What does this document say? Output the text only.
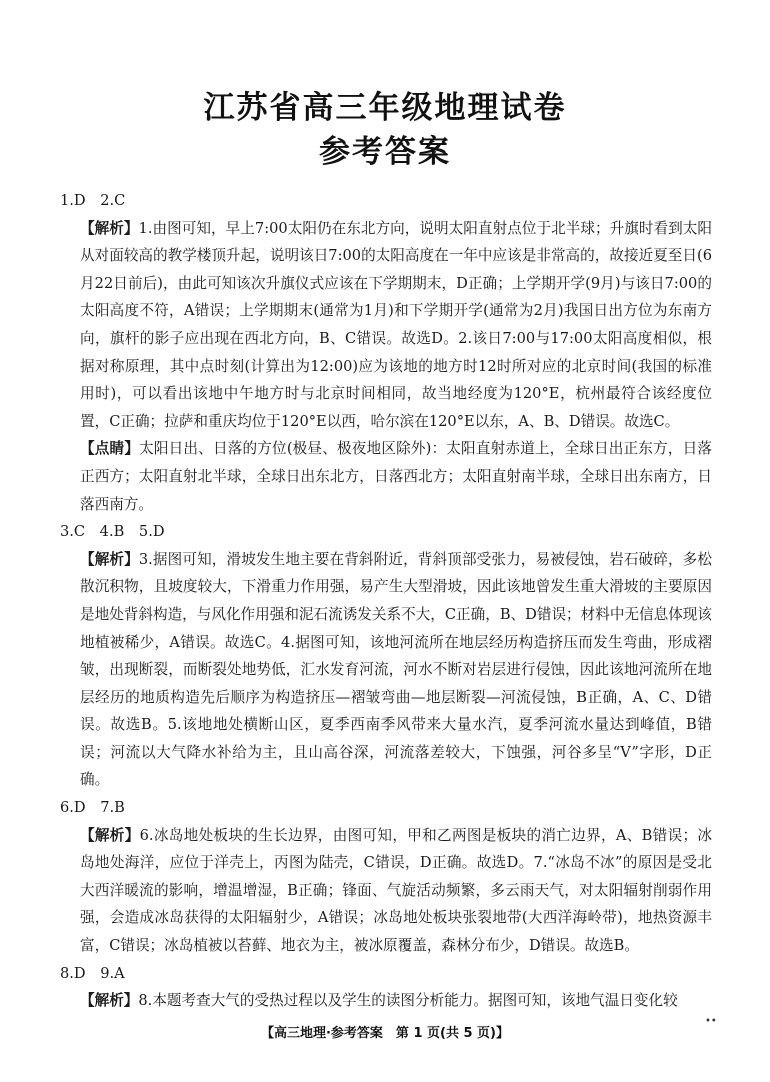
江苏省高三年级地理试卷
参考答案

1.D　2.C

【解析】1.由图可知，早上7:00太阳仍在东北方向，说明太阳直射点位于北半球；升旗时看到太阳从对面较高的教学楼顶升起，说明该日7:00的太阳高度在一年中应该是非常高的，故接近夏至日(6月22日前后)，由此可知该次升旗仪式应该在下学期期末，D正确；上学期开学(9月)与该日7:00的太阳高度不符，A错误；上学期期末(通常为1月)和下学期开学(通常为2月)我国日出方位为东南方向，旗杆的影子应出现在西北方向，B、C错误。故选D。2.该日7:00与17:00太阳高度相似，根据对称原理，其中点时刻(计算出为12:00)应为该地的地方时12时所对应的北京时间(我国的标准用时)，可以看出该地中午地方时与北京时间相同，故当地经度为120°E，杭州最符合该经度位置，C正确；拉萨和重庆均位于120°E以西，哈尔滨在120°E以东，A、B、D错误。故选C。

【点睛】太阳日出、日落的方位(极昼、极夜地区除外)：太阳直射赤道上，全球日出正东方，日落正西方；太阳直射北半球，全球日出东北方，日落西北方；太阳直射南半球，全球日出东南方，日落西南方。

3.C　4.B　5.D

【解析】3.据图可知，滑坡发生地主要在背斜附近，背斜顶部受张力，易被侵蚀，岩石破碎，多松散沉积物，且坡度较大，下滑重力作用强，易产生大型滑坡，因此该地曾发生重大滑坡的主要原因是地处背斜构造，与风化作用强和泥石流诱发关系不大，C正确，B、D错误；材料中无信息体现该地植被稀少，A错误。故选C。4.据图可知，该地河流所在地层经历构造挤压而发生弯曲，形成褶皱，出现断裂，而断裂处地势低，汇水发育河流，河水不断对岩层进行侵蚀，因此该地河流所在地层经历的地质构造先后顺序为构造挤压—褶皱弯曲—地层断裂—河流侵蚀，B正确，A、C、D错误。故选B。5.该地地处横断山区，夏季西南季风带来大量水汽，夏季河流水量达到峰值，B错误；河流以大气降水补给为主，且山高谷深，河流落差较大，下蚀强，河谷多呈“V”字形，D正确。

6.D　7.B

【解析】6.冰岛地处板块的生长边界，由图可知，甲和乙两图是板块的消亡边界，A、B错误；冰岛地处海洋，应位于洋壳上，丙图为陆壳，C错误，D正确。故选D。7.“冰岛不冰”的原因是受北大西洋暖流的影响，增温增湿，B正确；锋面、气旋活动频繁，多云雨天气，对太阳辐射削弱作用强，会造成冰岛获得的太阳辐射少，A错误；冰岛地处板块张裂地带(大西洋海岭带)，地热资源丰富，C错误；冰岛植被以苔藓、地衣为主，被冰原覆盖，森林分布少，D错误。故选B。

8.D　9.A

【解析】8.本题考查大气的受热过程以及学生的读图分析能力。据图可知，该地气温日变化较

【高三地理·参考答案　第 1 页(共 5 页)】
••
